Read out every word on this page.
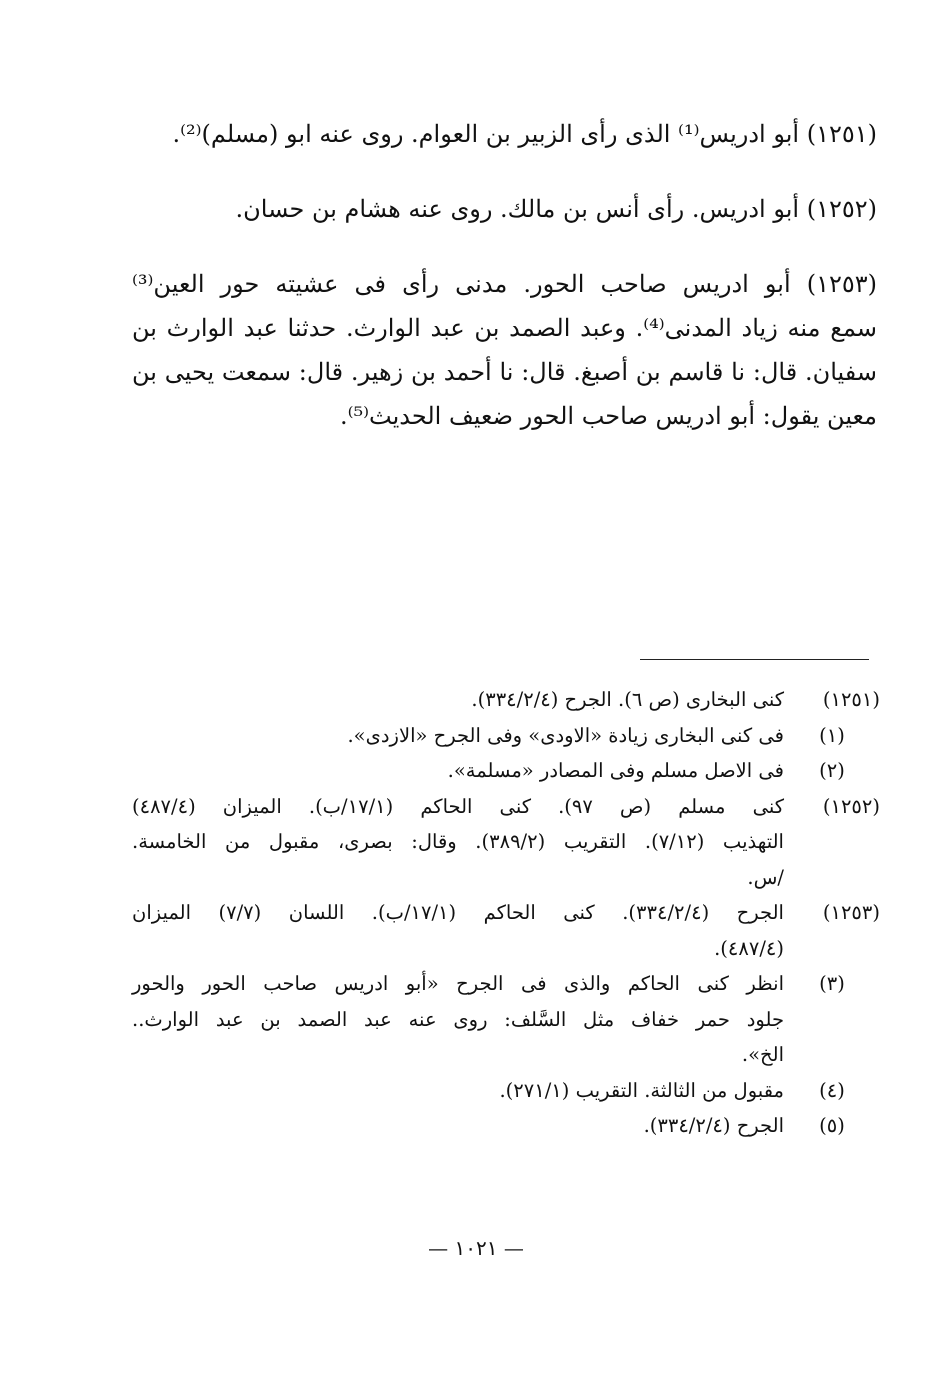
(١٢٥١) أبو ادريس⁽¹⁾ الذى رأى الزبير بن العوام. روى عنه ابو (مسلم)⁽²⁾.
(١٢٥٢) أبو ادريس. رأى أنس بن مالك. روى عنه هشام بن حسان.
(١٢٥٣) أبو ادريس صاحب الحور. مدنى رأى فى عشيته حور العين⁽³⁾
سمع منه زياد المدنى⁽⁴⁾. وعبد الصمد بن عبد الوارث. حدثنا عبد الوارث بن
سفيان. قال: نا قاسم بن أصبغ. قال: نا أحمد بن زهير. قال: سمعت يحيى بن
معين يقول: أبو ادريس صاحب الحور ضعيف الحديث⁽⁵⁾.
(١٢٥١)
كنى البخارى (ص ٦). الجرح (٣٣٤/٢/٤).
(١)
فى كنى البخارى زيادة «الاودى» وفى الجرح «الازدى».
(٢)
فى الاصل مسلم وفى المصادر «مسلمة».
(١٢٥٢)
كنى مسلم (ص ٩٧). كنى الحاكم (١٧/١/ب). الميزان (٤٨٧/٤)
التهذيب (٧/١٢). التقريب (٣٨٩/٢). وقال: بصرى، مقبول من الخامسة.
/س.
(١٢٥٣)
الجرح (٣٣٤/٢/٤). كنى الحاكم (١٧/١/ب). اللسان (٧/٧) الميزان
(٤٨٧/٤).
(٣)
انظر كنى الحاكم والذى فى الجرح «أبو ادريس صاحب الحور والحور
جلود حمر خفاف مثل السَّلف: روى عنه عبد الصمد بن عبد الوارث..
الخ».
(٤)
مقبول من الثالثة. التقريب (٢٧١/١).
(٥)
الجرح (٣٣٤/٢/٤).
— ١٠٢١ —
